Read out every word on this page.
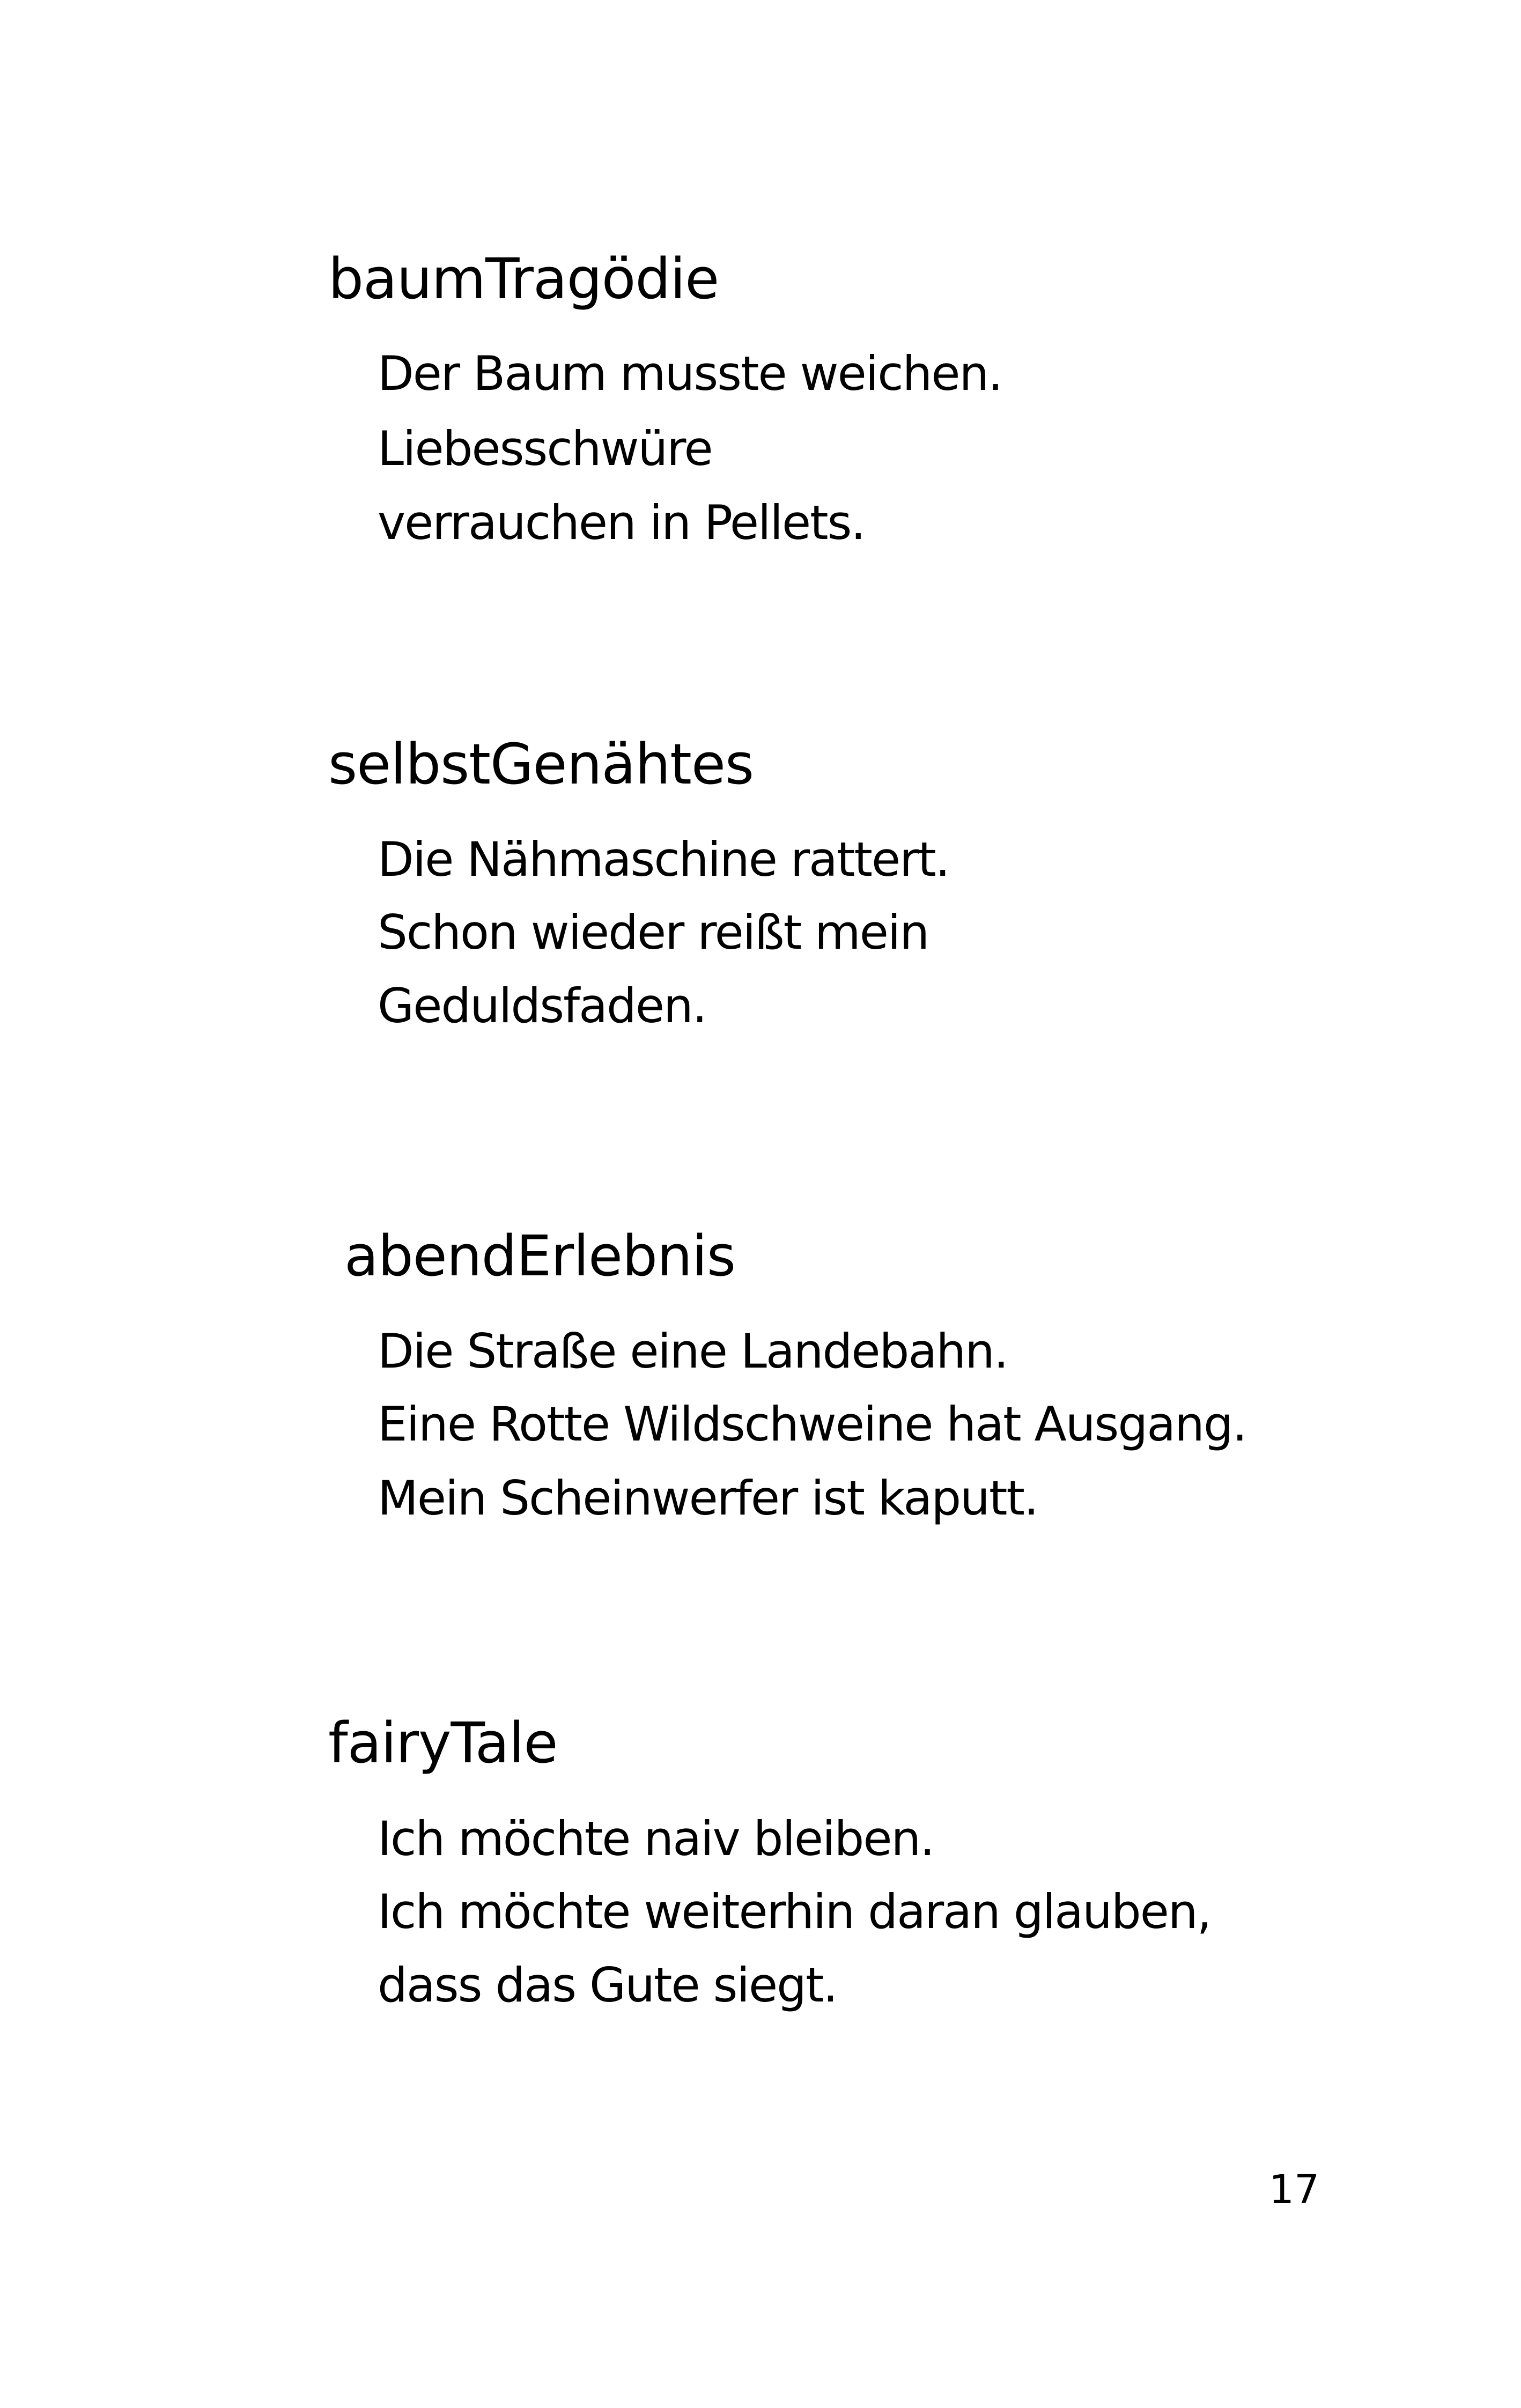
baumTragödie

Der Baum musste weichen.

Liebesschwüre

verrauchen in Pellets.

selbstGenähtes

Die Nähmaschine rattert.

Schon wieder reißt mein

Geduldsfaden.

abendErlebnis

Die Straße eine Landebahn.

Eine Rotte Wildschweine hat Ausgang.

Mein Scheinwerfer ist kaputt.

fairyTale

Ich möchte naiv bleiben.

Ich möchte weiterhin daran glauben,

dass das Gute siegt.

17
